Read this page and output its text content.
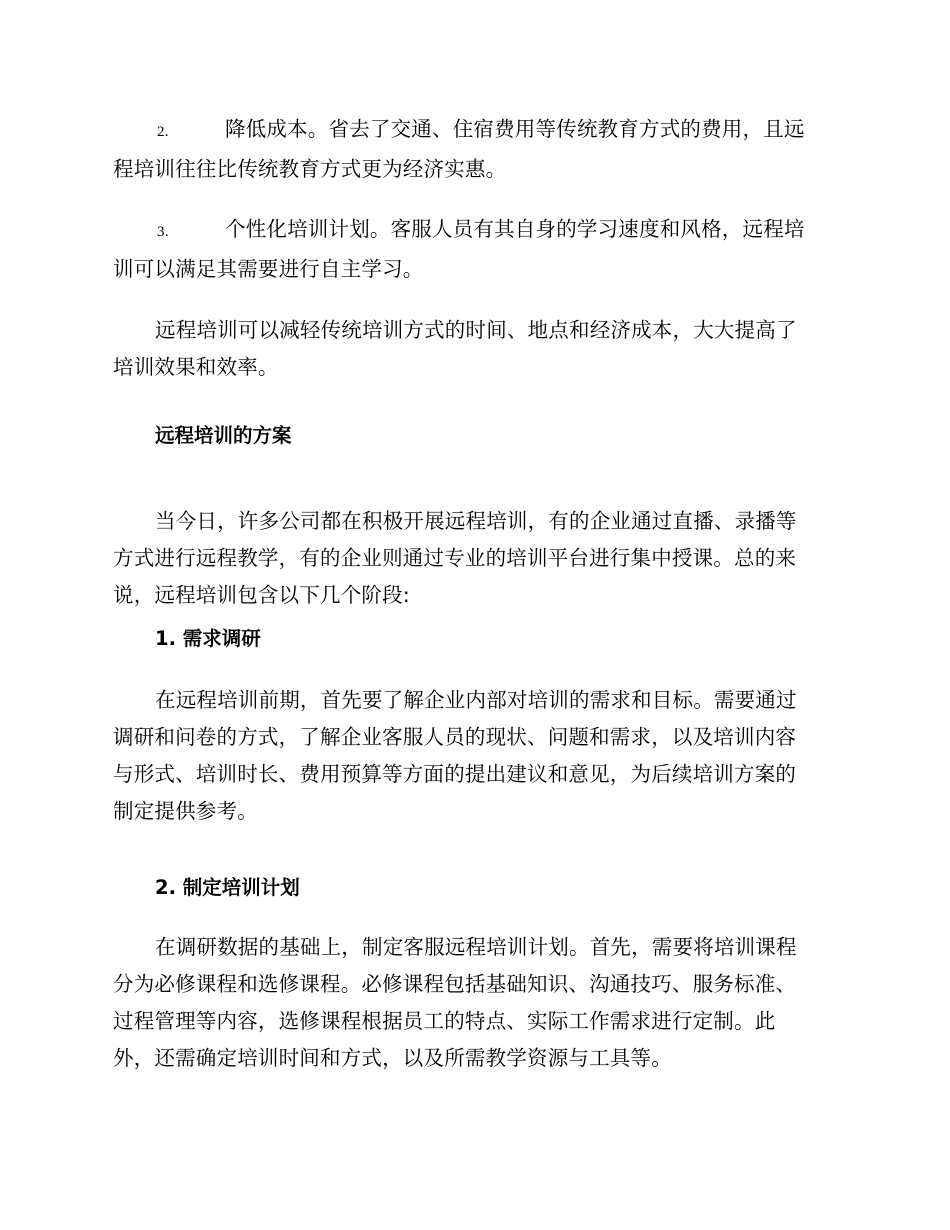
2.	降低成本。省去了交通、住宿费用等传统教育方式的费用，且远
程培训往往比传统教育方式更为经济实惠。
3.	个性化培训计划。客服人员有其自身的学习速度和风格，远程培
训可以满足其需要进行自主学习。
远程培训可以减轻传统培训方式的时间、地点和经济成本，大大提高了
培训效果和效率。
远程培训的方案
当今日，许多公司都在积极开展远程培训，有的企业通过直播、录播等
方式进行远程教学，有的企业则通过专业的培训平台进行集中授课。总的来
说，远程培训包含以下几个阶段:
1. 需求调研
在远程培训前期，首先要了解企业内部对培训的需求和目标。需要通过
调研和问卷的方式，了解企业客服人员的现状、问题和需求，以及培训内容
与形式、培训时长、费用预算等方面的提出建议和意见，为后续培训方案的
制定提供参考。
2. 制定培训计划
在调研数据的基础上，制定客服远程培训计划。首先，需要将培训课程
分为必修课程和选修课程。必修课程包括基础知识、沟通技巧、服务标准、
过程管理等内容，选修课程根据员工的特点、实际工作需求进行定制。此
外，还需确定培训时间和方式，以及所需教学资源与工具等。
